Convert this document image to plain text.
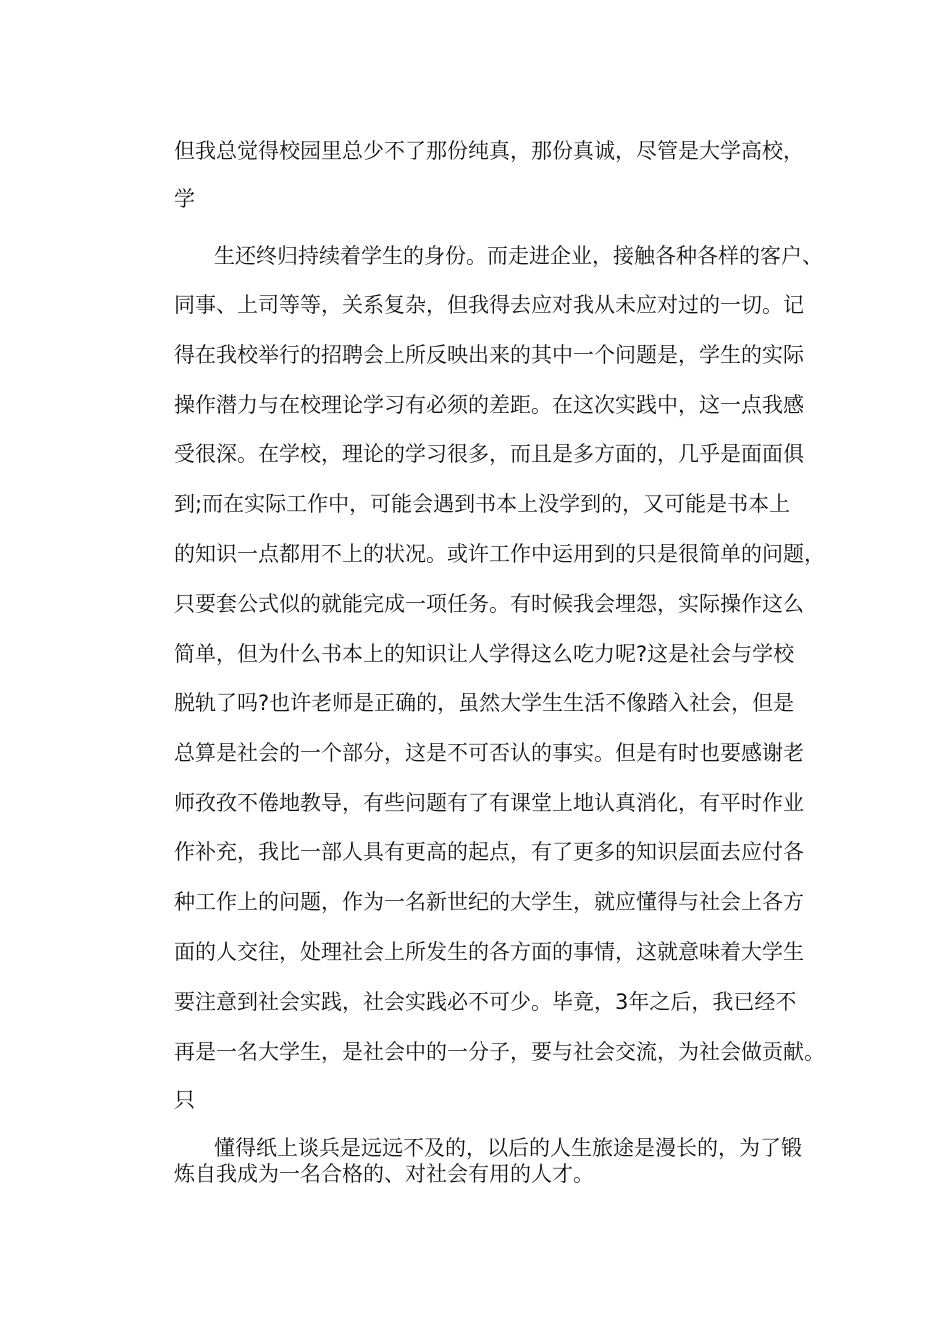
但我总觉得校园里总少不了那份纯真，那份真诚，尽管是大学高校，
学
生还终归持续着学生的身份。而走进企业，接触各种各样的客户、
同事、上司等等，关系复杂，但我得去应对我从未应对过的一切。记
得在我校举行的招聘会上所反映出来的其中一个问题是，学生的实际
操作潜力与在校理论学习有必须的差距。在这次实践中，这一点我感
受很深。在学校，理论的学习很多，而且是多方面的，几乎是面面俱
到;而在实际工作中，可能会遇到书本上没学到的，又可能是书本上
的知识一点都用不上的状况。或许工作中运用到的只是很简单的问题，
只要套公式似的就能完成一项任务。有时候我会埋怨，实际操作这么
简单，但为什么书本上的知识让人学得这么吃力呢?这是社会与学校
脱轨了吗?也许老师是正确的，虽然大学生生活不像踏入社会，但是
总算是社会的一个部分，这是不可否认的事实。但是有时也要感谢老
师孜孜不倦地教导，有些问题有了有课堂上地认真消化，有平时作业
作补充，我比一部人具有更高的起点，有了更多的知识层面去应付各
种工作上的问题，作为一名新世纪的大学生，就应懂得与社会上各方
面的人交往，处理社会上所发生的各方面的事情，这就意味着大学生
要注意到社会实践，社会实践必不可少。毕竟，3年之后，我已经不
再是一名大学生，是社会中的一分子，要与社会交流，为社会做贡献。
只
懂得纸上谈兵是远远不及的，以后的人生旅途是漫长的，为了锻
炼自我成为一名合格的、对社会有用的人才。
